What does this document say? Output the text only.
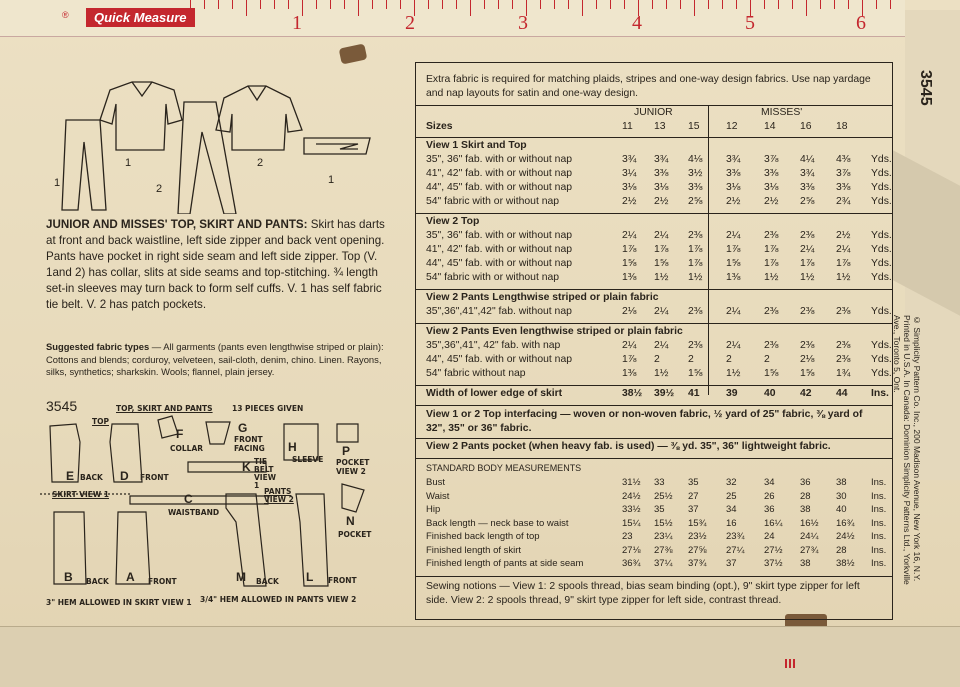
®	Quick Measure	1	2	3	4	5	6
1
1
2
2
1
JUNIOR AND MISSES' TOP, SKIRT AND PANTS: Skirt has darts at front and back waistline, left side zipper and back vent opening. Pants have pocket in right side seam and left side zipper. Top (V. 1and 2) has collar, slits at side seams and top-stitching. ¾ length set-in sleeves may turn back to form self cuffs. V. 1 has self fabric tie belt. V. 2 has patch pockets.
Suggested fabric types — All garments (pants even lengthwise striped or plain): Cottons and blends; corduroy, velveteen, sail-cloth, denim, chino. Linen. Rayons, silks, synthetics; sharkskin. Wools; flannel, plain jersey.
3545	TOP, SKIRT AND PANTS	13 PIECES GIVEN
TOP
E BACK D FRONT
F
COLLAR
G
FRONT FACING	H
SLEEVE
P
POCKET VIEW 2
K TIE BELT VIEW 1
C
WAISTBAND
SKIRT VIEW 1	PANTS VIEW 2
N
POCKET
B BACK A FRONT	M BACK L FRONT
3" HEM ALLOWED IN SKIRT VIEW 1 3/4" HEM ALLOWED IN PANTS VIEW 2
Extra fabric is required for matching plaids, stripes and one-way design fabrics. Use nap yardage and nap layouts for satin and one-way design.
JUNIOR	MISSES'
Sizes	11	13	15	12	14	16	18
View 1 Skirt and Top
35", 36" fab. with or without nap	3¾	3¾	4⅛	3¾	3⅞	4¼	4⅜	Yds.
41", 42" fab. with or without nap	3¼	3⅜	3½	3⅜	3⅜	3¾	3⅞	Yds.
44", 45" fab. with or without nap	3⅛	3⅛	3⅜	3⅛	3⅛	3⅜	3⅜	Yds.
54" fabric with or without nap	2½	2½	2⅝	2½	2½	2⅝	2¾	Yds.
View 2 Top
35", 36" fab. with or without nap	2¼	2¼	2⅜	2¼	2⅜	2⅜	2½	Yds.
41", 42" fab. with or without nap	1⅞	1⅞	1⅞	1⅞	1⅞	2¼	2¼	Yds.
44", 45" fab. with or without nap	1⅝	1⅝	1⅞	1⅝	1⅞	1⅞	1⅞	Yds.
54" fabric with or without nap	1⅜	1½	1½	1⅜	1½	1½	1½	Yds.
View 2 Pants Lengthwise striped or plain fabric
35",36",41",42" fab. without nap	2⅛	2¼	2⅜	2¼	2⅜	2⅜	2⅜	Yds.
View 2 Pants Even lengthwise striped or plain fabric
35",36",41", 42" fab. with nap	2¼	2¼	2⅜	2¼	2⅜	2⅜	2⅜	Yds.
44", 45" fab. with or without nap	1⅞	2	2	2	2	2⅛	2⅜	Yds.
54" fabric without nap	1⅜	1½	1⅝	1½	1⅝	1⅝	1¾	Yds.
Width of lower edge of skirt	38½	39½	41	39	40	42	44	Ins.
View 1 or 2 Top interfacing — woven or non-woven fabric, ½ yard of 25" fabric, ⅜ yard of 32", 35" or 36" fabric.
View 2 Pants pocket (when heavy fab. is used) — ⅜ yd. 35", 36" lightweight fabric.
STANDARD BODY MEASUREMENTS
Bust	31½	33	35	32	34	36	38	Ins.
Waist	24½	25½	27	25	26	28	30	Ins.
Hip	33½	35	37	34	36	38	40	Ins.
Back length — neck base to waist	15¼	15½	15¾	16	16¼	16½	16¾	Ins.
Finished back length of top	23	23¼	23½	23¾	24	24¼	24½	Ins.
Finished length of skirt	27⅛	27⅜	27⅝	27¼	27½	27¾	28	Ins.
Finished length of pants at side seam	36¾	37¼	37¾	37	37½	38	38½	Ins.
Sewing notions — View 1: 2 spools thread, bias seam binding (opt.), 9" skirt type zipper for left side. View 2: 2 spools thread, 9" skirt type zipper for left side, contrast thread.
3545
© Simplicity Pattern Co. Inc., 200 Madison Avenue, New York 16, N.Y. Printed in U.S.A. In Canada: Dominion Simplicity Patterns Ltd., Yorkville Ave., Toronto 5, Ont.
